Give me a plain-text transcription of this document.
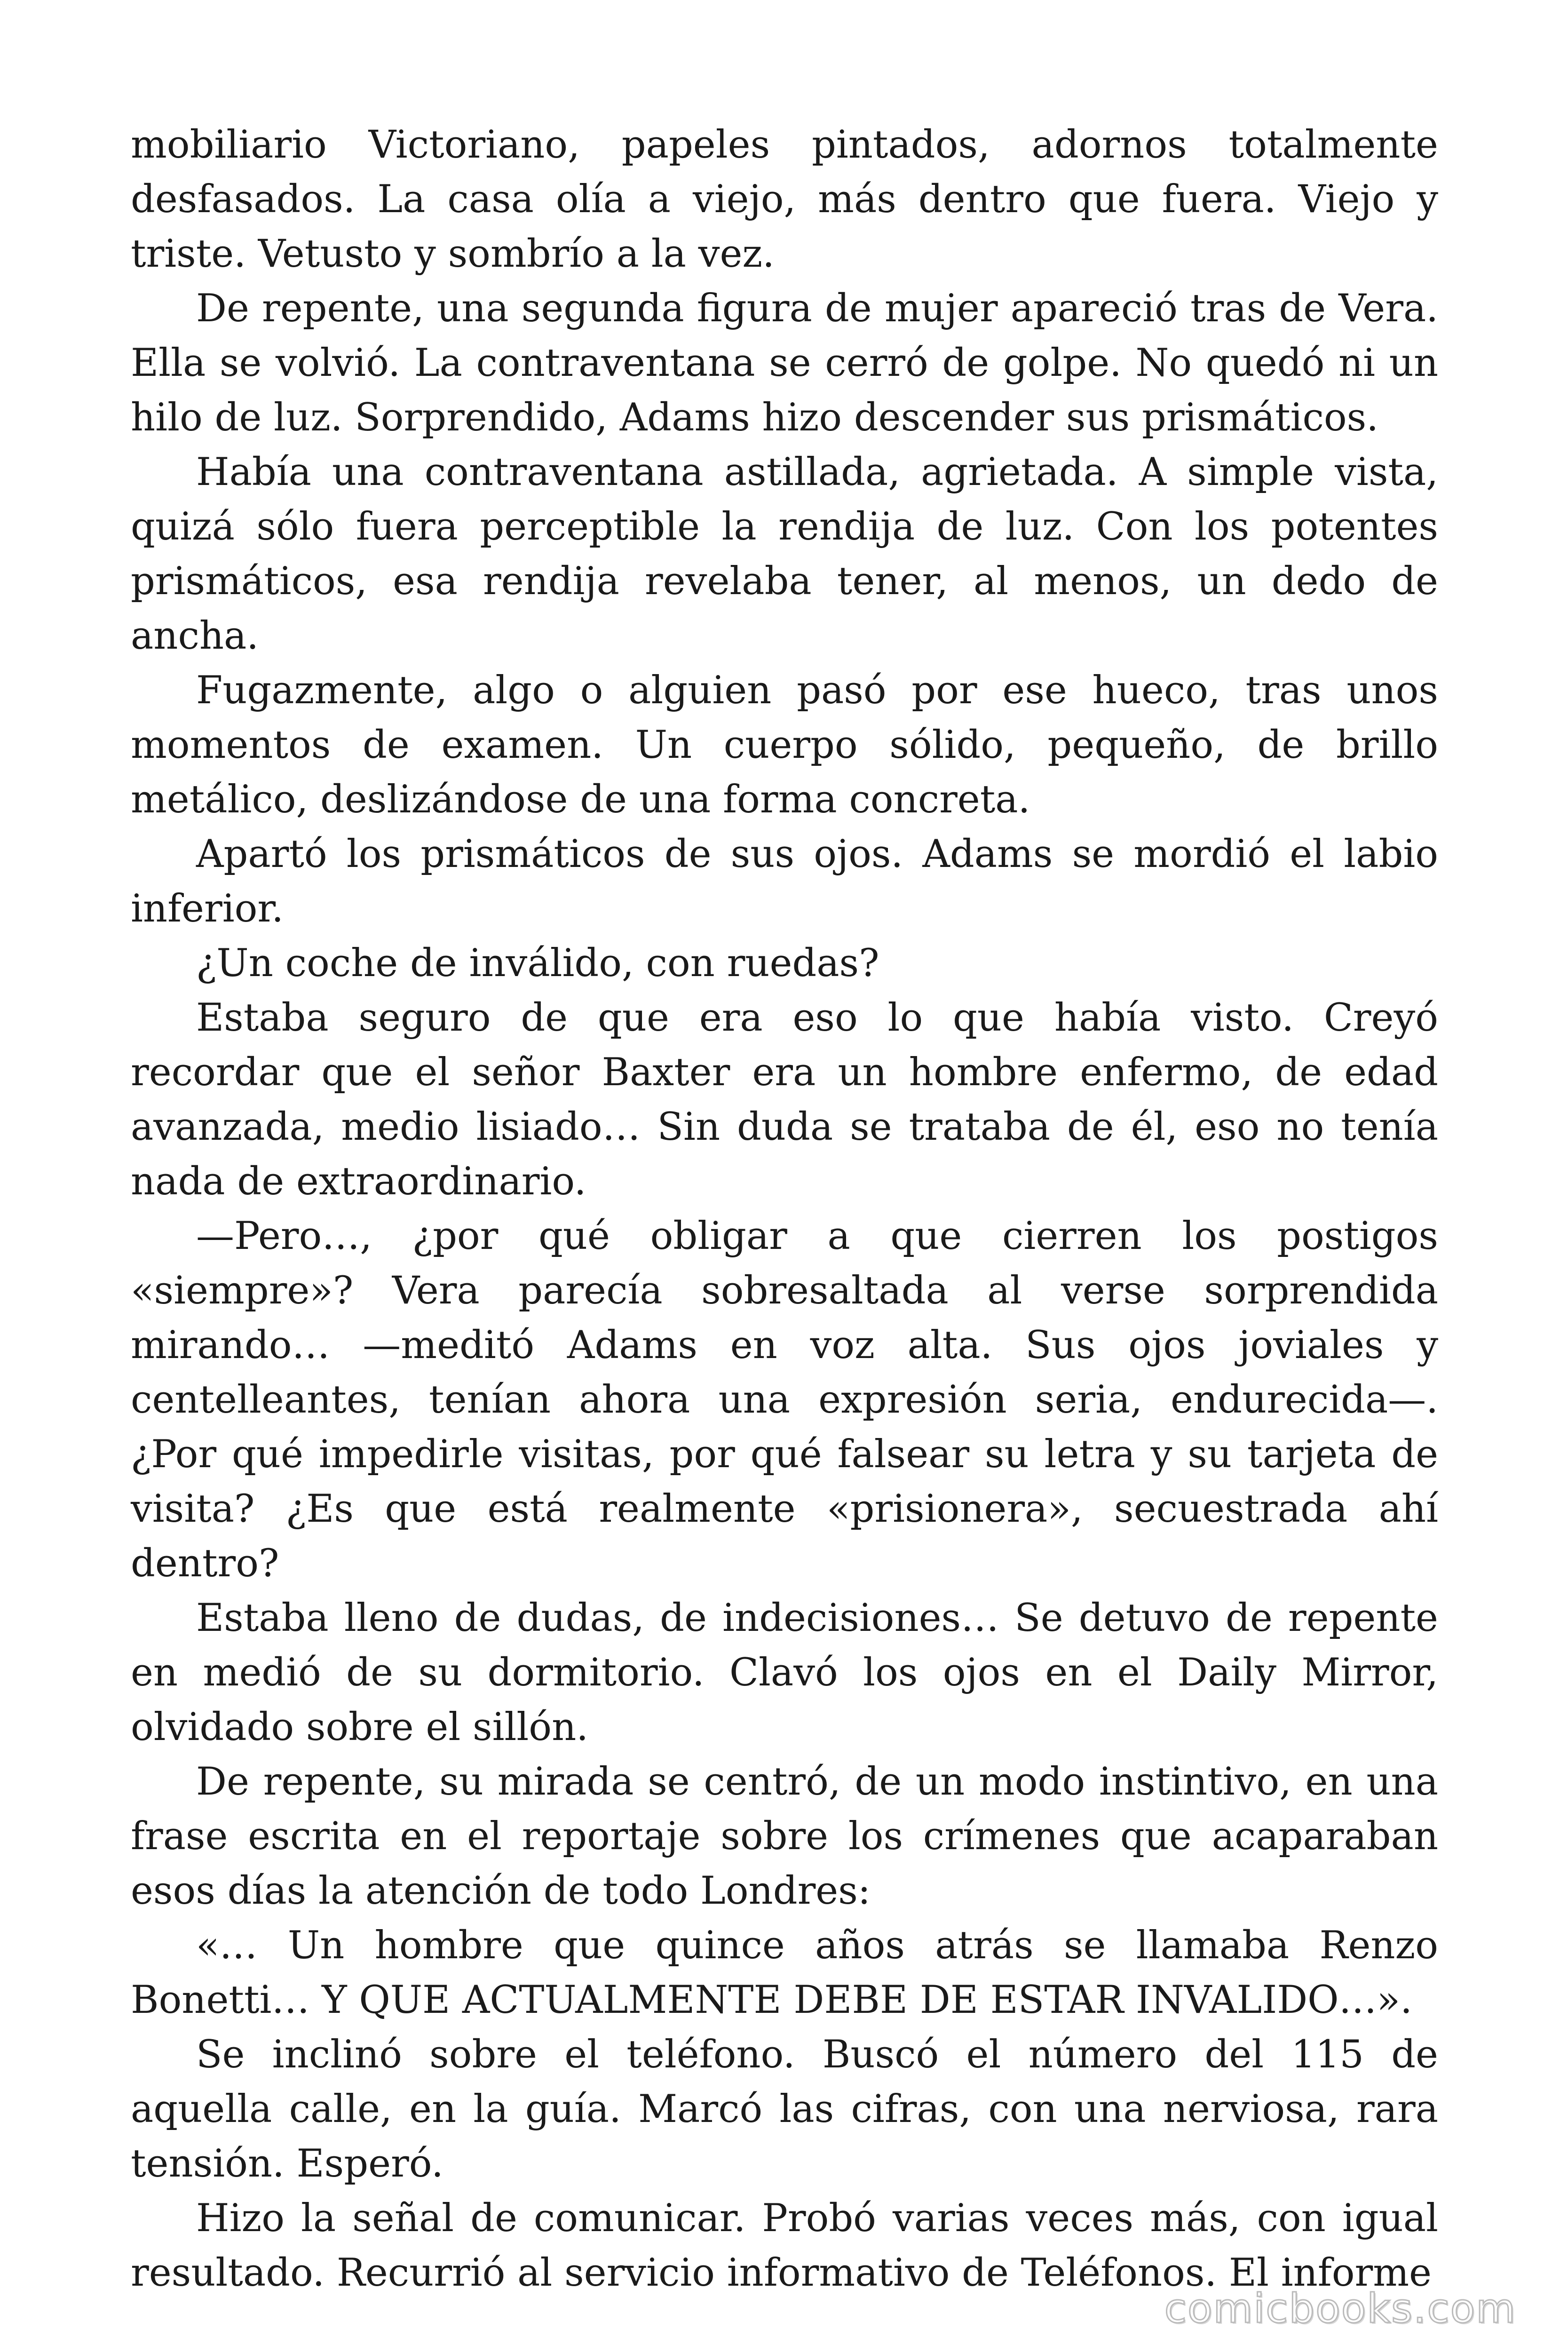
mobiliario Victoriano, papeles pintados, adornos totalmente desfasados. La casa olía a viejo, más dentro que fuera. Viejo y triste. Vetusto y sombrío a la vez.

De repente, una segunda figura de mujer apareció tras de Vera. Ella se volvió. La contraventana se cerró de golpe. No quedó ni un hilo de luz. Sorprendido, Adams hizo descender sus prismáticos.

Había una contraventana astillada, agrietada. A simple vista, quizá sólo fuera perceptible la rendija de luz. Con los potentes prismáticos, esa rendija revelaba tener, al menos, un dedo de ancha.

Fugazmente, algo o alguien pasó por ese hueco, tras unos momentos de examen. Un cuerpo sólido, pequeño, de brillo metálico, deslizándose de una forma concreta.

Apartó los prismáticos de sus ojos. Adams se mordió el labio inferior.

¿Un coche de inválido, con ruedas?

Estaba seguro de que era eso lo que había visto. Creyó recordar que el señor Baxter era un hombre enfermo, de edad avanzada, medio lisiado… Sin duda se trataba de él, eso no tenía nada de extraordinario.

—Pero…, ¿por qué obligar a que cierren los postigos «siempre»? Vera parecía sobresaltada al verse sorprendida mirando… —meditó Adams en voz alta. Sus ojos joviales y centelleantes, tenían ahora una expresión seria, endurecida—. ¿Por qué impedirle visitas, por qué falsear su letra y su tarjeta de visita? ¿Es que está realmente «prisionera», secuestrada ahí dentro?

Estaba lleno de dudas, de indecisiones… Se detuvo de repente en medió de su dormitorio. Clavó los ojos en el Daily Mirror, olvidado sobre el sillón.

De repente, su mirada se centró, de un modo instintivo, en una frase escrita en el reportaje sobre los crímenes que acaparaban esos días la atención de todo Londres:

«… Un hombre que quince años atrás se llamaba Renzo Bonetti… Y QUE ACTUALMENTE DEBE DE ESTAR INVALIDO…».

Se inclinó sobre el teléfono. Buscó el número del 115 de aquella calle, en la guía. Marcó las cifras, con una nerviosa, rara tensión. Esperó.

Hizo la señal de comunicar. Probó varias veces más, con igual resultado. Recurrió al servicio informativo de Teléfonos. El informe

comicbooks.com
